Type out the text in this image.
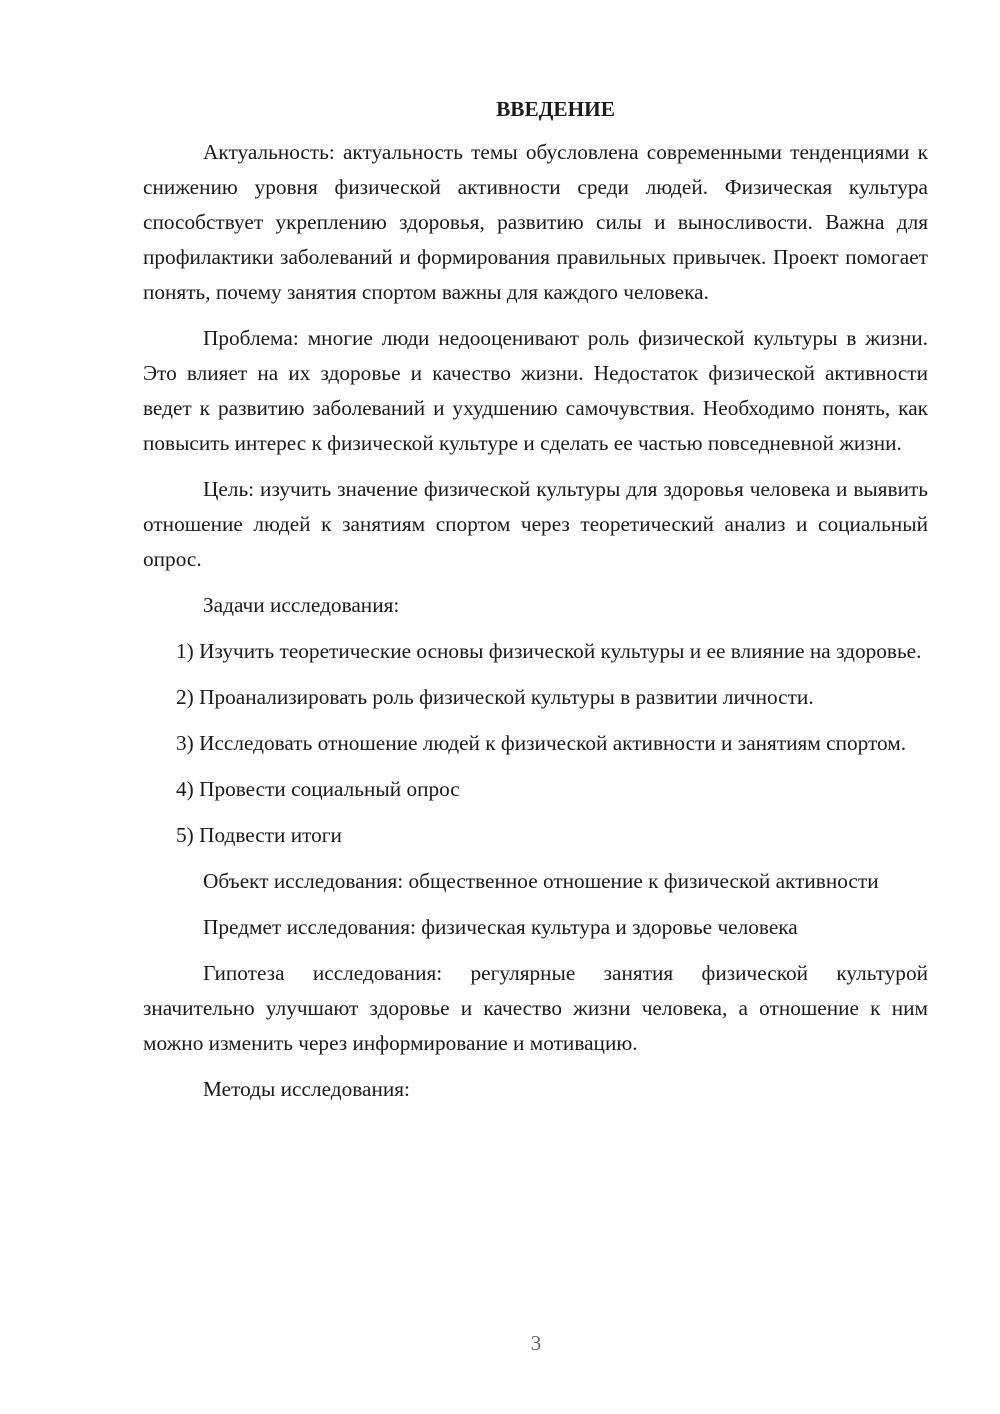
ВВЕДЕНИЕ

Актуальность: актуальность темы обусловлена современными тенденциями к снижению уровня физической активности среди людей. Физическая культура способствует укреплению здоровья, развитию силы и выносливости. Важна для профилактики заболеваний и формирования правильных привычек. Проект помогает понять, почему занятия спортом важны для каждого человека.

Проблема: многие люди недооценивают роль физической культуры в жизни. Это влияет на их здоровье и качество жизни. Недостаток физической активности ведет к развитию заболеваний и ухудшению самочувствия. Необходимо понять, как повысить интерес к физической культуре и сделать ее частью повседневной жизни.

Цель: изучить значение физической культуры для здоровья человека и выявить отношение людей к занятиям спортом через теоретический анализ и социальный опрос.

Задачи исследования:

1) Изучить теоретические основы физической культуры и ее влияние на здоровье.

2) Проанализировать роль физической культуры в развитии личности.

3) Исследовать отношение людей к физической активности и занятиям спортом.

4) Провести социальный опрос

5) Подвести итоги

Объект исследования: общественное отношение к физической активности

Предмет исследования: физическая культура и здоровье человека

Гипотеза исследования: регулярные занятия физической культурой значительно улучшают здоровье и качество жизни человека, а отношение к ним можно изменить через информирование и мотивацию.

Методы исследования:

3
